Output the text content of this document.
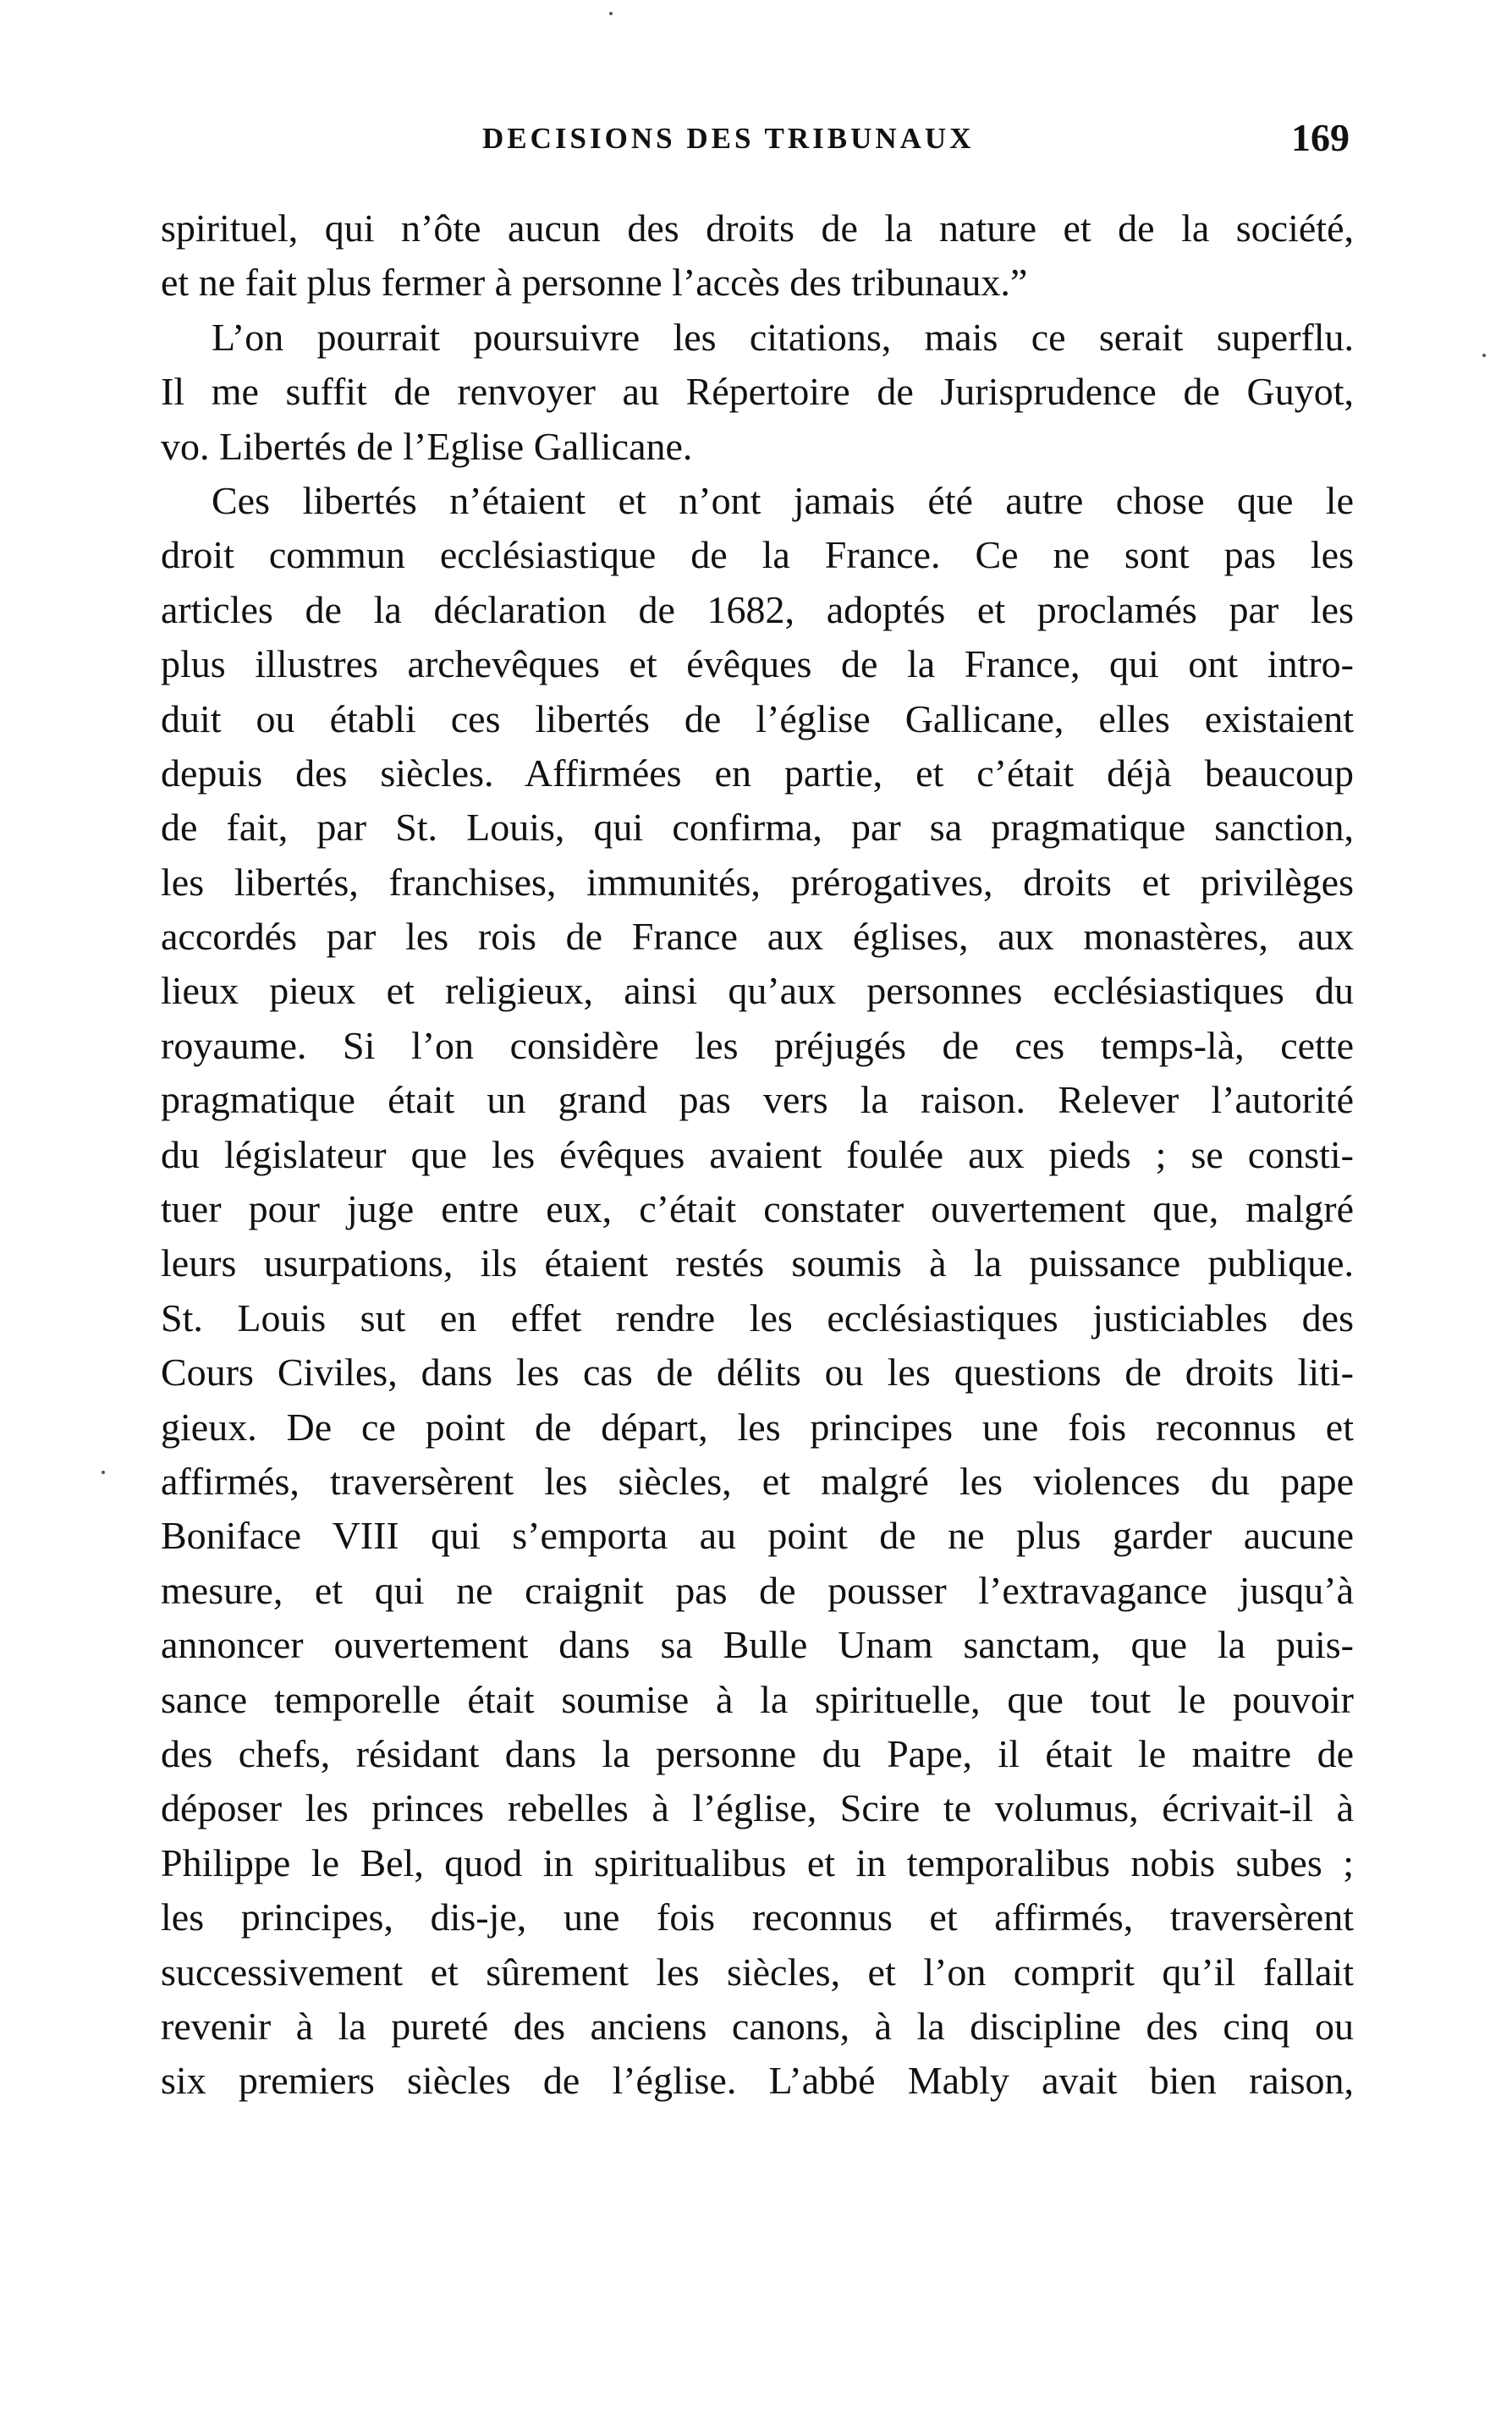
DECISIONS DES TRIBUNAUX	169
spirituel, qui n’ôte aucun des droits de la nature et de la société,
et ne fait plus fermer à personne l’accès des tribunaux.”
L’on pourrait poursuivre les citations, mais ce serait superflu.
Il me suffit de renvoyer au Répertoire de Jurisprudence de Guyot,
vo. Libertés de l’Eglise Gallicane.
Ces libertés n’étaient et n’ont jamais été autre chose que le
droit commun ecclésiastique de la France. Ce ne sont pas les
articles de la déclaration de 1682, adoptés et proclamés par les
plus illustres archevêques et évêques de la France, qui ont intro-
duit ou établi ces libertés de l’église Gallicane, elles existaient
depuis des siècles. Affirmées en partie, et c’était déjà beaucoup
de fait, par St. Louis, qui confirma, par sa pragmatique sanction,
les libertés, franchises, immunités, prérogatives, droits et privilèges
accordés par les rois de France aux églises, aux monastères, aux
lieux pieux et religieux, ainsi qu’aux personnes ecclésiastiques du
royaume. Si l’on considère les préjugés de ces temps-là, cette
pragmatique était un grand pas vers la raison. Relever l’autorité
du législateur que les évêques avaient foulée aux pieds ; se consti-
tuer pour juge entre eux, c’était constater ouvertement que, malgré
leurs usurpations, ils étaient restés soumis à la puissance publique.
St. Louis sut en effet rendre les ecclésiastiques justiciables des
Cours Civiles, dans les cas de délits ou les questions de droits liti-
gieux. De ce point de départ, les principes une fois reconnus et
affirmés, traversèrent les siècles, et malgré les violences du pape
Boniface VIII qui s’emporta au point de ne plus garder aucune
mesure, et qui ne craignit pas de pousser l’extravagance jusqu’à
annoncer ouvertement dans sa Bulle Unam sanctam, que la puis-
sance temporelle était soumise à la spirituelle, que tout le pouvoir
des chefs, résidant dans la personne du Pape, il était le maitre de
déposer les princes rebelles à l’église, Scire te volumus, écrivait-il à
Philippe le Bel, quod in spiritualibus et in temporalibus nobis subes ;
les principes, dis-je, une fois reconnus et affirmés, traversèrent
successivement et sûrement les siècles, et l’on comprit qu’il fallait
revenir à la pureté des anciens canons, à la discipline des cinq ou
six premiers siècles de l’église. L’abbé Mably avait bien raison,
